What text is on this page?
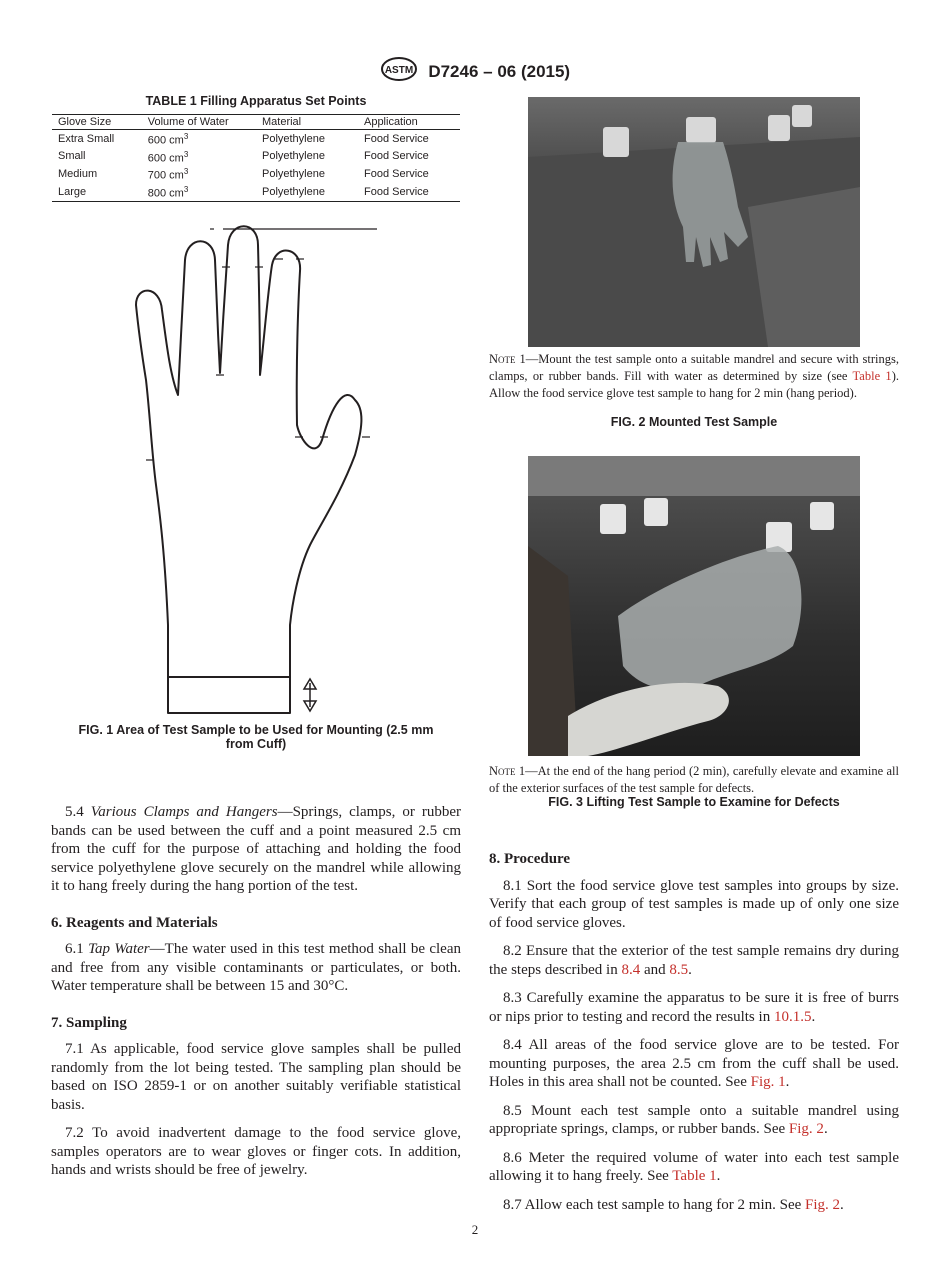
ASTM D7246 – 06 (2015)
TABLE 1 Filling Apparatus Set Points
Glove Size	Volume of Water	Material	Application
Extra Small	600 $cm^3$	Polyethylene	Food Service
Small	600 $cm^3$	Polyethylene	Food Service
Medium	700 $cm^3$	Polyethylene	Food Service
Large	800 $cm^3$	Polyethylene	Food Service
FIG. 1 Area of Test Sample to be Used for Mounting (2.5 mm
from Cuff)
Note 1—Mount the test sample onto a suitable mandrel and secure with strings, clamps, or rubber bands. Fill with water as determined by size (see Table 1). Allow the food service glove test sample to hang for 2 min (hang period).
FIG. 2 Mounted Test Sample
Note 1—At the end of the hang period (2 min), carefully elevate and examine all of the exterior surfaces of the test sample for defects.
FIG. 3 Lifting Test Sample to Examine for Defects

5.4 Various Clamps and Hangers—Springs, clamps, or rubber bands can be used between the cuff and a point measured 2.5 cm from the cuff for the purpose of attaching and holding the food service polyethylene glove securely on the mandrel while allowing it to hang freely during the hang portion of the test.

6. Reagents and Materials

6.1 Tap Water—The water used in this test method shall be clean and free from any visible contaminants or particulates, or both. Water temperature shall be between 15 and 30°C.

7. Sampling

7.1 As applicable, food service glove samples shall be pulled randomly from the lot being tested. The sampling plan should be based on ISO 2859-1 or on another suitably verifiable statistical basis.

7.2 To avoid inadvertent damage to the food service glove, samples operators are to wear gloves or finger cots. In addition, hands and wrists should be free of jewelry.

8. Procedure

8.1 Sort the food service glove test samples into groups by size. Verify that each group of test samples is made up of only one size of food service gloves.

8.2 Ensure that the exterior of the test sample remains dry during the steps described in 8.4 and 8.5.

8.3 Carefully examine the apparatus to be sure it is free of burrs or nips prior to testing and record the results in 10.1.5.

8.4 All areas of the food service glove are to be tested. For mounting purposes, the area 2.5 cm from the cuff shall be used. Holes in this area shall not be counted. See Fig. 1.

8.5 Mount each test sample onto a suitable mandrel using appropriate springs, clamps, or rubber bands. See Fig. 2.

8.6 Meter the required volume of water into each test sample allowing it to hang freely. See Table 1.

8.7 Allow each test sample to hang for 2 min. See Fig. 2.

2
